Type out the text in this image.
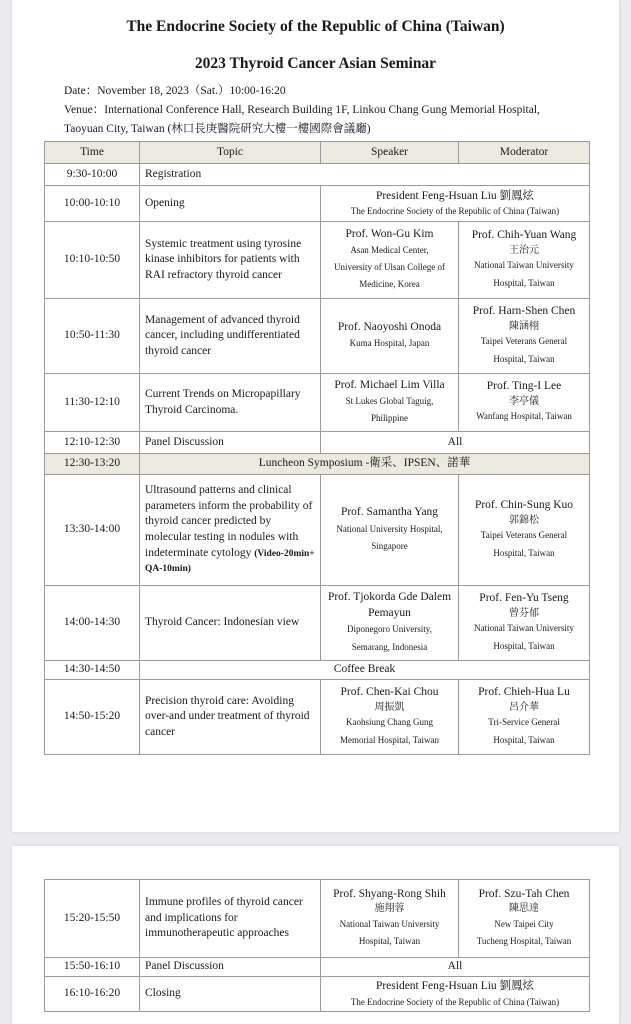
The Endocrine Society of the Republic of China (Taiwan)
2023 Thyroid Cancer Asian Seminar
Date：November 18, 2023（Sat.）10:00-16:20
Venue：International Conference Hall, Research Building 1F, Linkou Chang Gung Memorial Hospital,
Taoyuan City, Taiwan (林口長庚醫院研究大樓一樓國際會議廳)
Time	Topic	Speaker	Moderator
9:30-10:00	Registration		
10:00-10:10	Opening	President Feng-Hsuan Liu 劉鳳炫
The Endocrine Society of the Republic of China (Taiwan)	

10:10-10:50	Systemic treatment using tyrosine kinase inhibitors for patients with RAI refractory thyroid cancer	Prof. Won-Gu Kim
Asan Medical Center,
University of Ulsan College of
Medicine, Korea	Prof. Chih-Yuan Wang
王治元
National Taiwan University
Hospital, Taiwan

10:50-11:30	Management of advanced thyroid cancer, including undifferentiated thyroid cancer	Prof. Naoyoshi Onoda
Kuma Hospital, Japan	Prof. Harn-Shen Chen
陳涵栩
Taipei Veterans General
Hospital, Taiwan

11:30-12:10	Current Trends on Micropapillary Thyroid Carcinoma.	Prof. Michael Lim Villa
St Lukes Global Taguig,
Philippine	Prof. Ting-I Lee
李亭儀
Wanfang Hospital, Taiwan

12:10-12:30	Panel Discussion	All	
12:30-13:20	Luncheon Symposium -衛采、IPSEN、諾華		
13:30-14:00	Ultrasound patterns and clinical parameters inform the probability of thyroid cancer predicted by molecular testing in nodules with indeterminate cytology (Video-20min+ QA-10min)	Prof. Samantha Yang
National University Hospital,
Singapore	Prof. Chin-Sung Kuo
郭錦松
Taipei Veterans General
Hospital, Taiwan

14:00-14:30	Thyroid Cancer: Indonesian view	Prof. Tjokorda Gde Dalem Pemayun
Diponegoro University,
Semarang, Indonesia	Prof. Fen-Yu Tseng
曾芬郁
National Taiwan University
Hospital, Taiwan

14:30-14:50	Coffee Break		
14:50-15:20	Precision thyroid care: Avoiding over-and under treatment of thyroid cancer	Prof. Chen-Kai Chou
周振凱
Kaohsiung Chang Gung
Memorial Hospital, Taiwan	Prof. Chieh-Hua Lu
呂介華
Tri-Service General
Hospital, Taiwan
15:20-15:50	Immune profiles of thyroid cancer and implications for immunotherapeutic approaches	Prof. Shyang-Rong Shih
施翔蓉
National Taiwan University
Hospital, Taiwan	Prof. Szu-Tah Chen
陳思達
New Taipei City
Tucheng Hospital, Taiwan

15:50-16:10	Panel Discussion	All	
16:10-16:20	Closing	President Feng-Hsuan Liu 劉鳳炫
The Endocrine Society of the Republic of China (Taiwan)	
